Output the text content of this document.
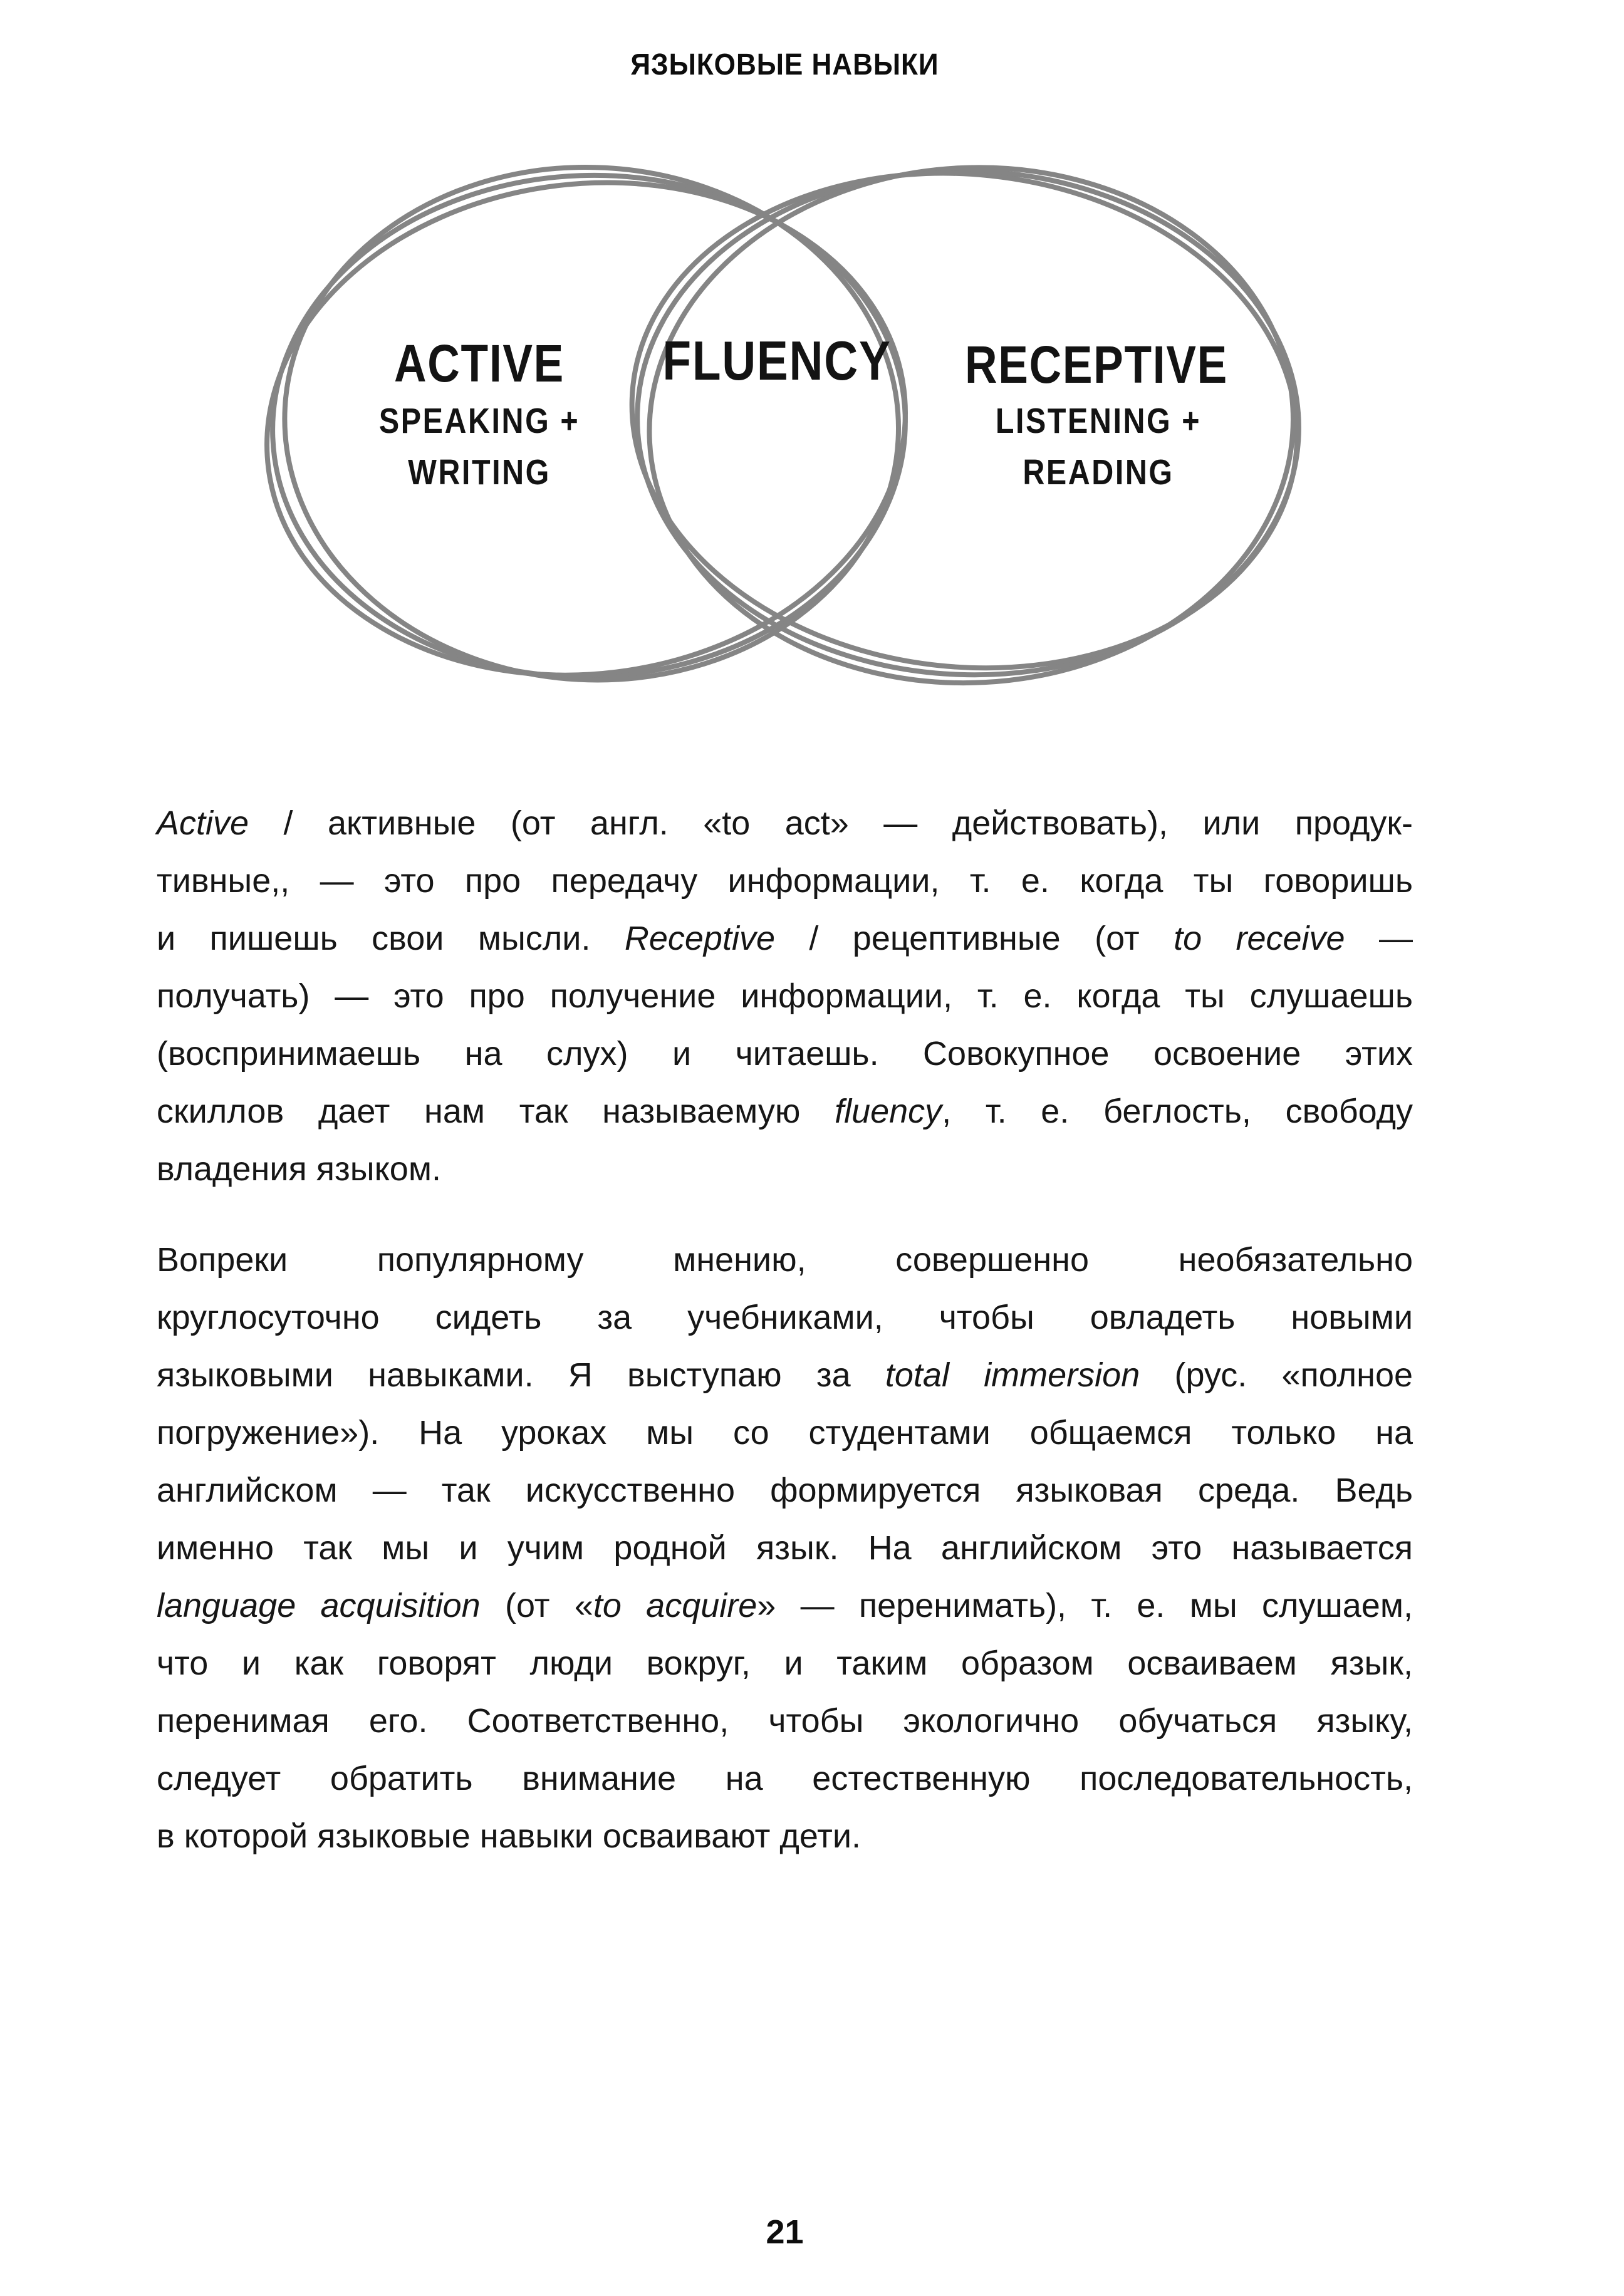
ЯЗЫКОВЫЕ НАВЫКИ
ACTIVE
SPEAKING +
WRITING
FLUENCY	RECEPTIVE
LISTENING +
READING
Active / активные (от англ. «to act» — действовать), или продук-
тивные,, — это про передачу информации, т. е. когда ты говоришь
и пишешь свои мысли. Receptive / рецептивные (от to receive —
получать) — это про получение информации, т. е. когда ты слушаешь
(воспринимаешь на слух) и читаешь. Совокупное освоение этих
скиллов дает нам так называемую fluency, т. е. беглость, свободу
владения языком.
Вопреки популярному мнению, совершенно необязательно
круглосуточно сидеть за учебниками, чтобы овладеть новыми
языковыми навыками. Я выступаю за total immersion (рус. «полное
погружение»). На уроках мы со студентами общаемся только на
английском — так искусственно формируется языковая среда. Ведь
именно так мы и учим родной язык. На английском это называется
language acquisition (от «to acquire» — перенимать), т. е. мы слушаем,
что и как говорят люди вокруг, и таким образом осваиваем язык,
перенимая его. Соответственно, чтобы экологично обучаться языку,
следует обратить внимание на естественную последовательность,
в которой языковые навыки осваивают дети.
21
